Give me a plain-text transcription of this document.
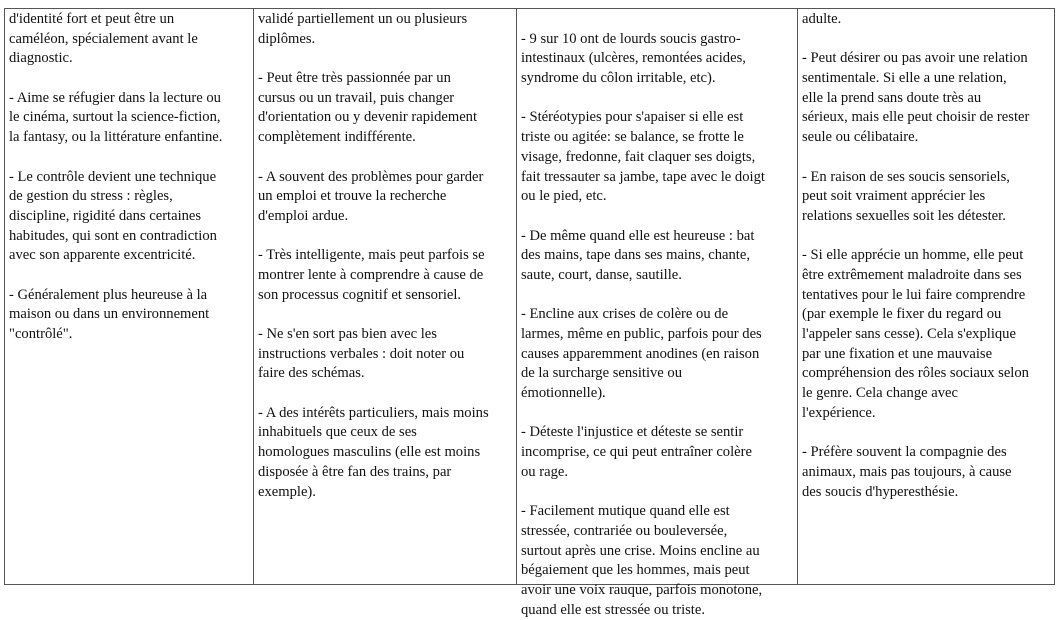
d'identité fort et peut être un
caméléon, spécialement avant le
diagnostic.
- Aime se réfugier dans la lecture ou
le cinéma, surtout la science-fiction,
la fantasy, ou la littérature enfantine.
- Le contrôle devient une technique
de gestion du stress : règles,
discipline, rigidité dans certaines
habitudes, qui sont en contradiction
avec son apparente excentricité.
- Généralement plus heureuse à la
maison ou dans un environnement
"contrôlé".
validé partiellement un ou plusieurs
diplômes.
- Peut être très passionnée par un
cursus ou un travail, puis changer
d'orientation ou y devenir rapidement
complètement indifférente.
- A souvent des problèmes pour garder
un emploi et trouve la recherche
d'emploi ardue.
- Très intelligente, mais peut parfois se
montrer lente à comprendre à cause de
son processus cognitif et sensoriel.
- Ne s'en sort pas bien avec les
instructions verbales : doit noter ou
faire des schémas.
- A des intérêts particuliers, mais moins
inhabituels que ceux de ses
homologues masculins (elle est moins
disposée à être fan des trains, par
exemple).
- 9 sur 10 ont de lourds soucis gastro-
intestinaux (ulcères, remontées acides,
syndrome du côlon irritable, etc).
- Stéréotypies pour s'apaiser si elle est
triste ou agitée: se balance, se frotte le
visage, fredonne, fait claquer ses doigts,
fait tressauter sa jambe, tape avec le doigt
ou le pied, etc.
- De même quand elle est heureuse : bat
des mains, tape dans ses mains, chante,
saute, court, danse, sautille.
- Encline aux crises de colère ou de
larmes, même en public, parfois pour des
causes apparemment anodines (en raison
de la surcharge sensitive ou
émotionnelle).
- Déteste l'injustice et déteste se sentir
incomprise, ce qui peut entraîner colère
ou rage.
- Facilement mutique quand elle est
stressée, contrariée ou bouleversée,
surtout après une crise. Moins encline au
bégaiement que les hommes, mais peut
avoir une voix rauque, parfois monotone,
quand elle est stressée ou triste.
adulte.
- Peut désirer ou pas avoir une relation
sentimentale. Si elle a une relation,
elle la prend sans doute très au
sérieux, mais elle peut choisir de rester
seule ou célibataire.
- En raison de ses soucis sensoriels,
peut soit vraiment apprécier les
relations sexuelles soit les détester.
- Si elle apprécie un homme, elle peut
être extrêmement maladroite dans ses
tentatives pour le lui faire comprendre
(par exemple le fixer du regard ou
l'appeler sans cesse). Cela s'explique
par une fixation et une mauvaise
compréhension des rôles sociaux selon
le genre. Cela change avec
l'expérience.
- Préfère souvent la compagnie des
animaux, mais pas toujours, à cause
des soucis d'hyperesthésie.
